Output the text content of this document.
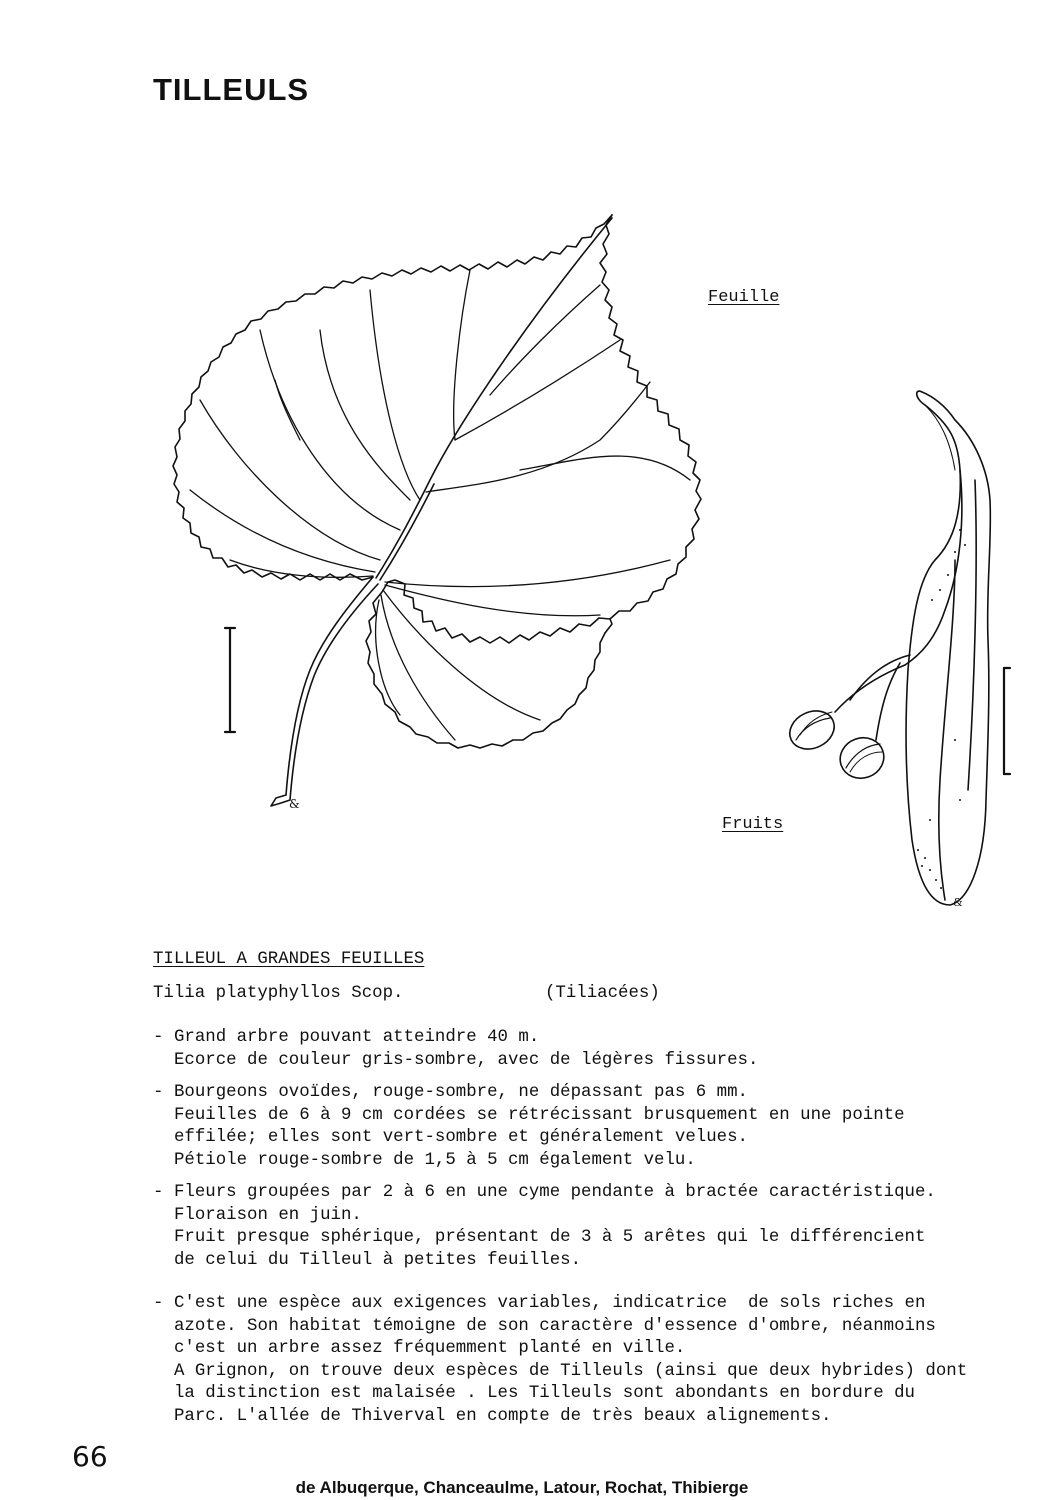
TILLEULS
&
&
Feuille
Fruits
TILLEUL A GRANDES FEUILLES
Tilia platyphyllos Scop.	(Tiliacées)
- Grand arbre pouvant atteindre 40 m.
Ecorce de couleur gris-sombre, avec de légères fissures.
- Bourgeons ovoïdes, rouge-sombre, ne dépassant pas 6 mm.
Feuilles de 6 à 9 cm cordées se rétrécissant brusquement en une pointe
effilée; elles sont vert-sombre et généralement velues.
Pétiole rouge-sombre de 1,5 à 5 cm également velu.
- Fleurs groupées par 2 à 6 en une cyme pendante à bractée caractéristique.
Floraison en juin.
Fruit presque sphérique, présentant de 3 à 5 arêtes qui le différencient
de celui du Tilleul à petites feuilles.
- C'est une espèce aux exigences variables, indicatrice  de sols riches en
azote. Son habitat témoigne de son caractère d'essence d'ombre, néanmoins
c'est un arbre assez fréquemment planté en ville.
A Grignon, on trouve deux espèces de Tilleuls (ainsi que deux hybrides) dont
la distinction est malaisée . Les Tilleuls sont abondants en bordure du
Parc. L'allée de Thiverval en compte de très beaux alignements.
66
de Albuqerque, Chanceaulme, Latour, Rochat, Thibierge
